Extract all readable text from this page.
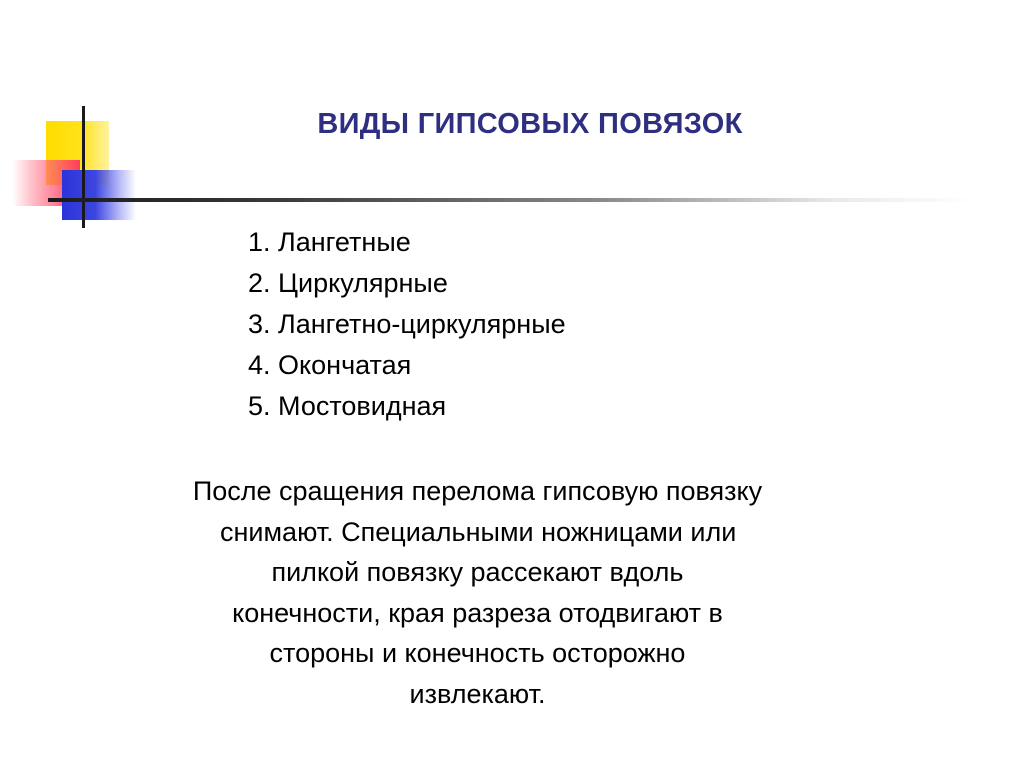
ВИДЫ ГИПСОВЫХ ПОВЯЗОК
1. Лангетные
2. Циркулярные
3. Лангетно-циркулярные
4. Окончатая
5. Мостовидная
После сращения перелома гипсовую повязку
снимают. Специальными ножницами или
пилкой повязку рассекают вдоль
конечности, края разреза отодвигают в
стороны и конечность осторожно
извлекают.
